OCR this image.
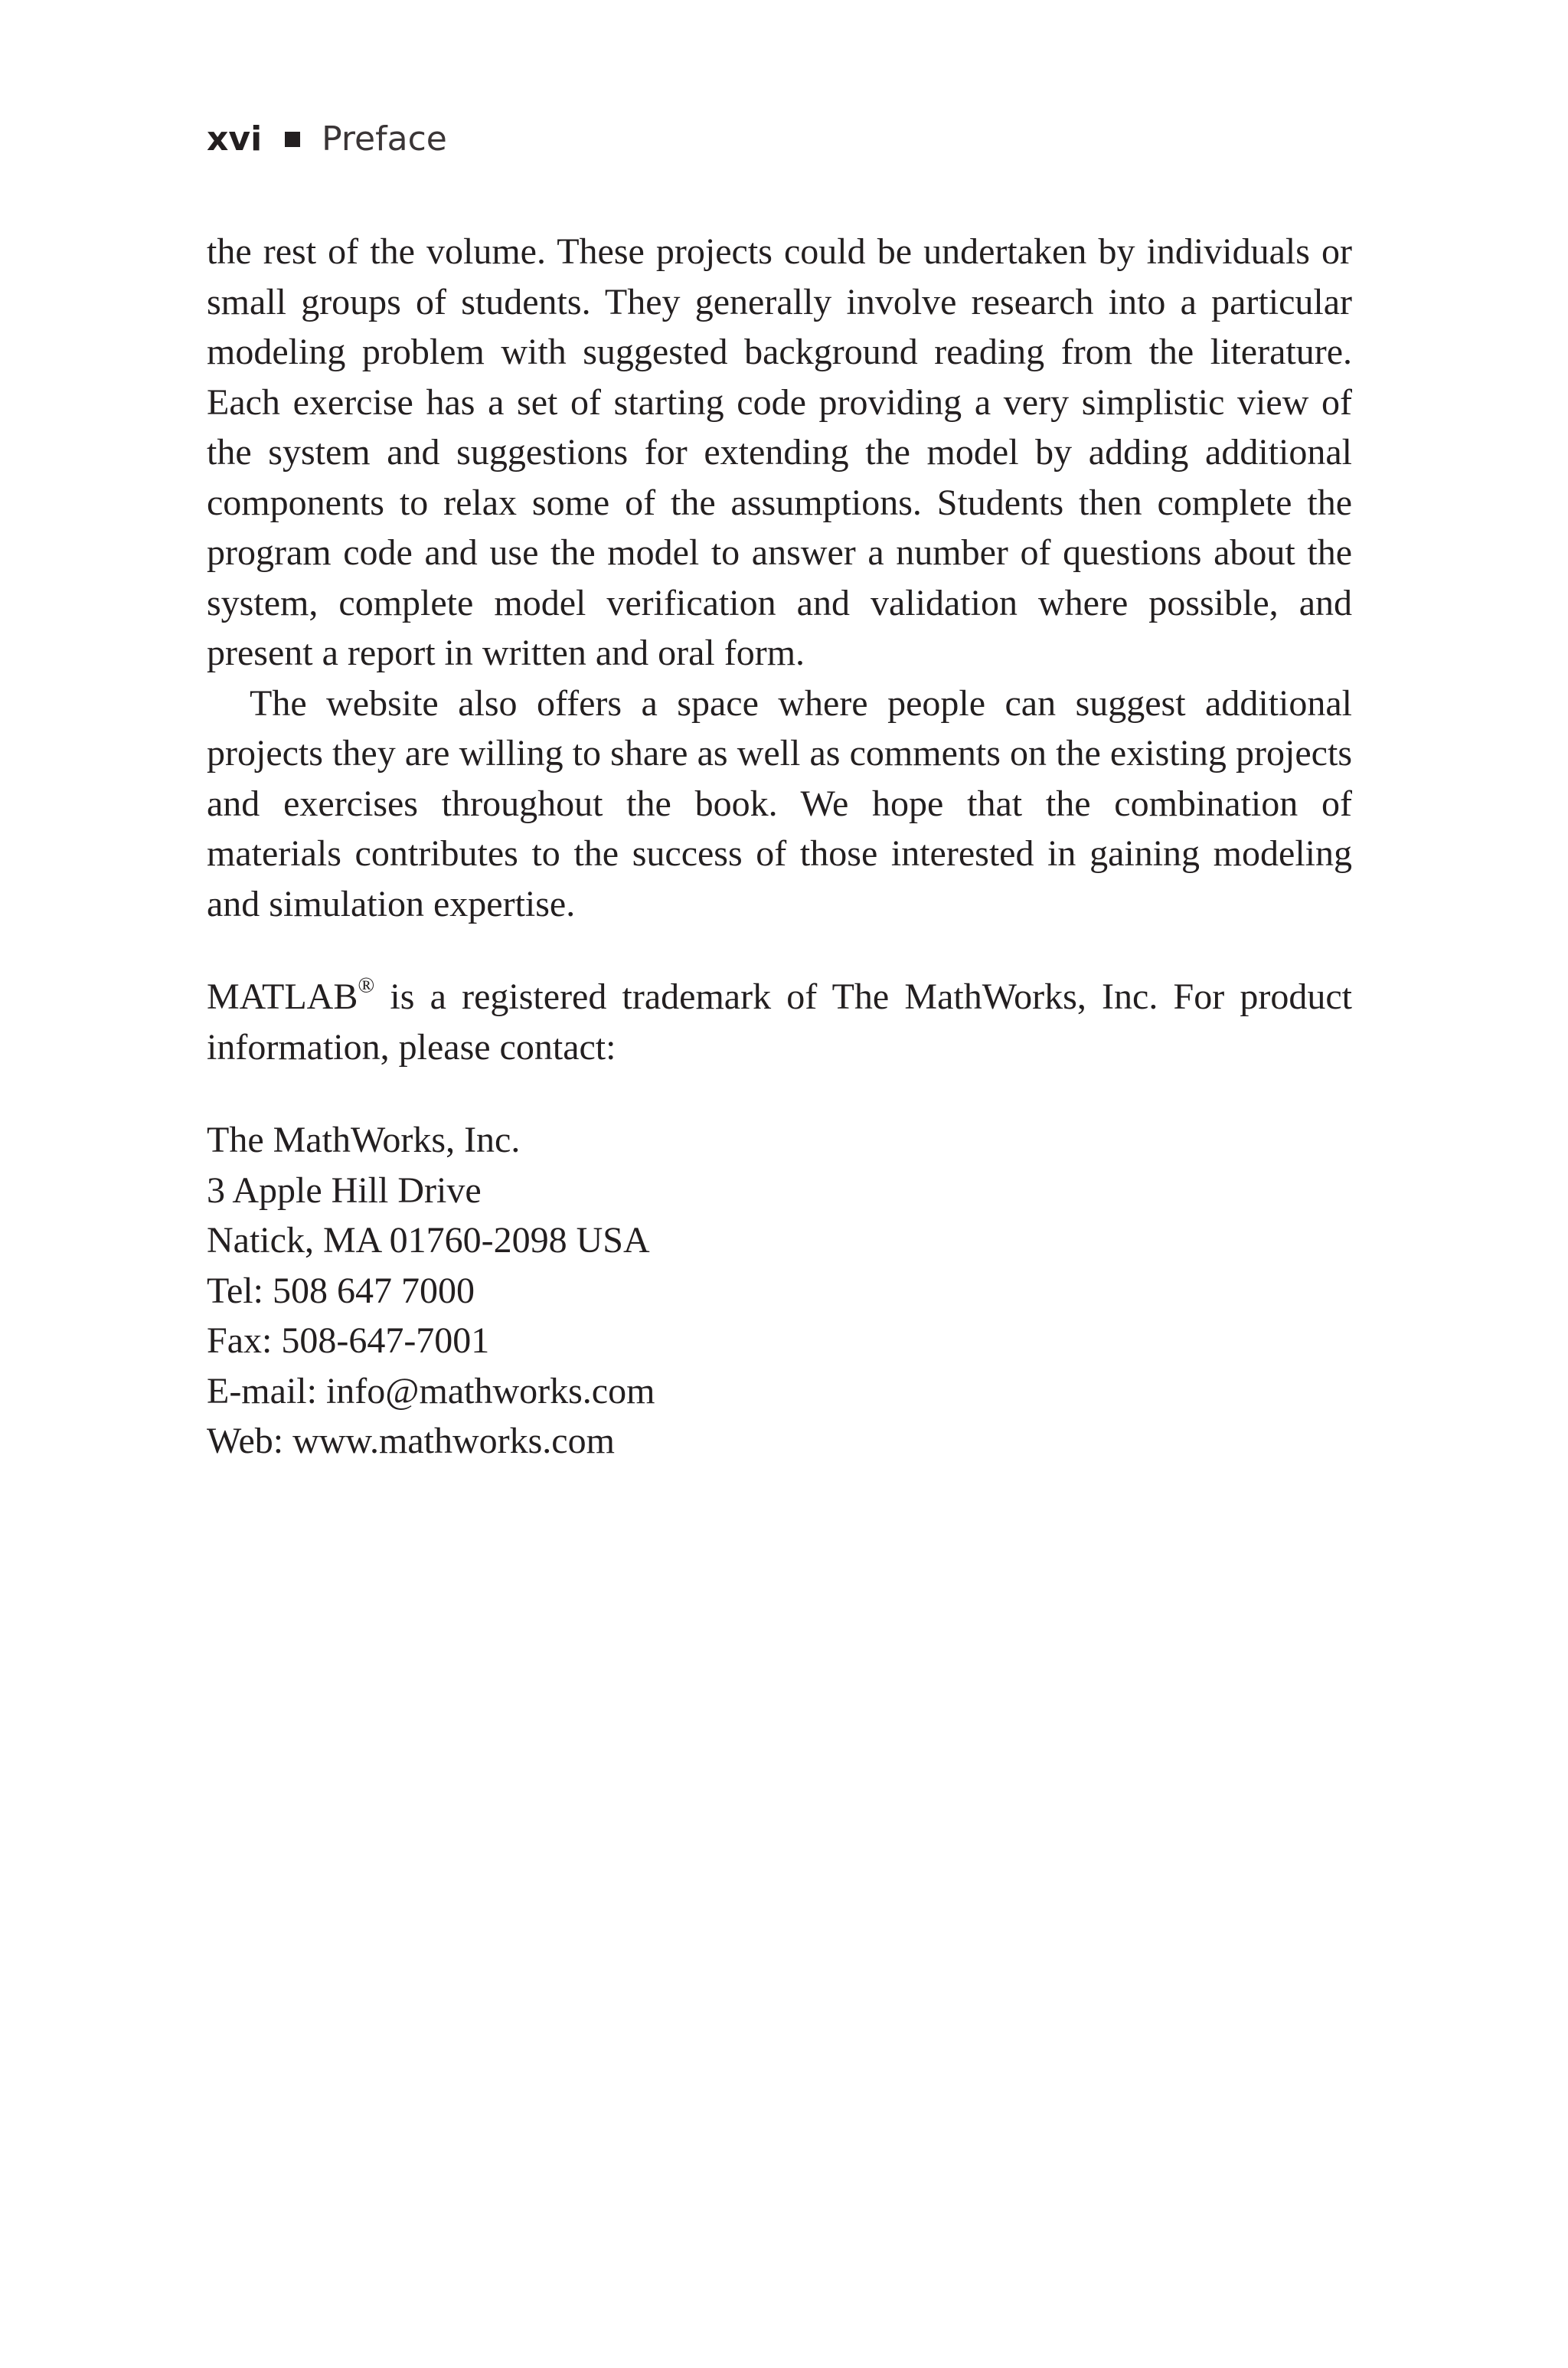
xvi Preface

the rest of the volume. These projects could be undertaken by individuals or small groups of students. They generally involve research into a particular modeling problem with suggested background reading from the literature. Each exercise has a set of starting code providing a very simplistic view of the system and suggestions for extending the model by adding additional components to relax some of the assumptions. Students then complete the program code and use the model to answer a number of questions about the system, complete model verification and validation where possible, and present a report in written and oral form.

The website also offers a space where people can suggest additional projects they are willing to share as well as comments on the existing projects and exercises throughout the book. We hope that the combination of materials contributes to the success of those interested in gaining modeling and simulation expertise.

MATLAB® is a registered trademark of The MathWorks, Inc. For product information, please contact:

The MathWorks, Inc.
3 Apple Hill Drive
Natick, MA 01760-2098 USA
Tel: 508 647 7000
Fax: 508-647-7001
E-mail: info@mathworks.com
Web: www.mathworks.com
